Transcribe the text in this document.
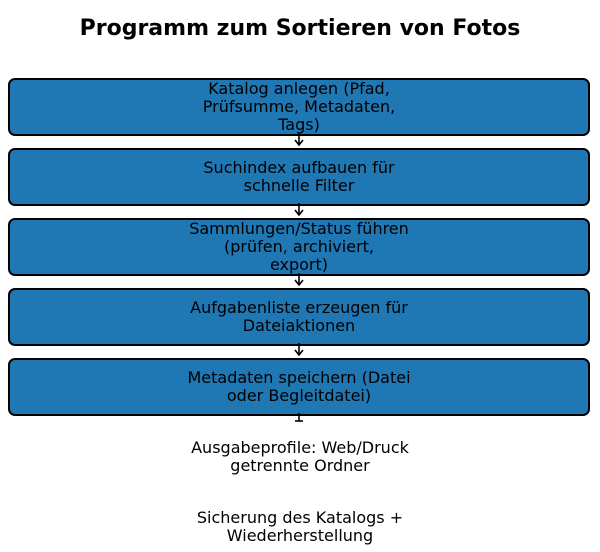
Programm zum Sortieren von Fotos
Katalog anlegen (Pfad,
Prüfsumme, Metadaten,
Tags)
Suchindex aufbauen für
schnelle Filter
Sammlungen/Status führen
(prüfen, archiviert,
export)
Aufgabenliste erzeugen für
Dateiaktionen
Metadaten speichern (Datei
oder Begleitdatei)
Ausgabeprofile: Web/Druck
getrennte Ordner
Sicherung des Katalogs +
Wiederherstellung
